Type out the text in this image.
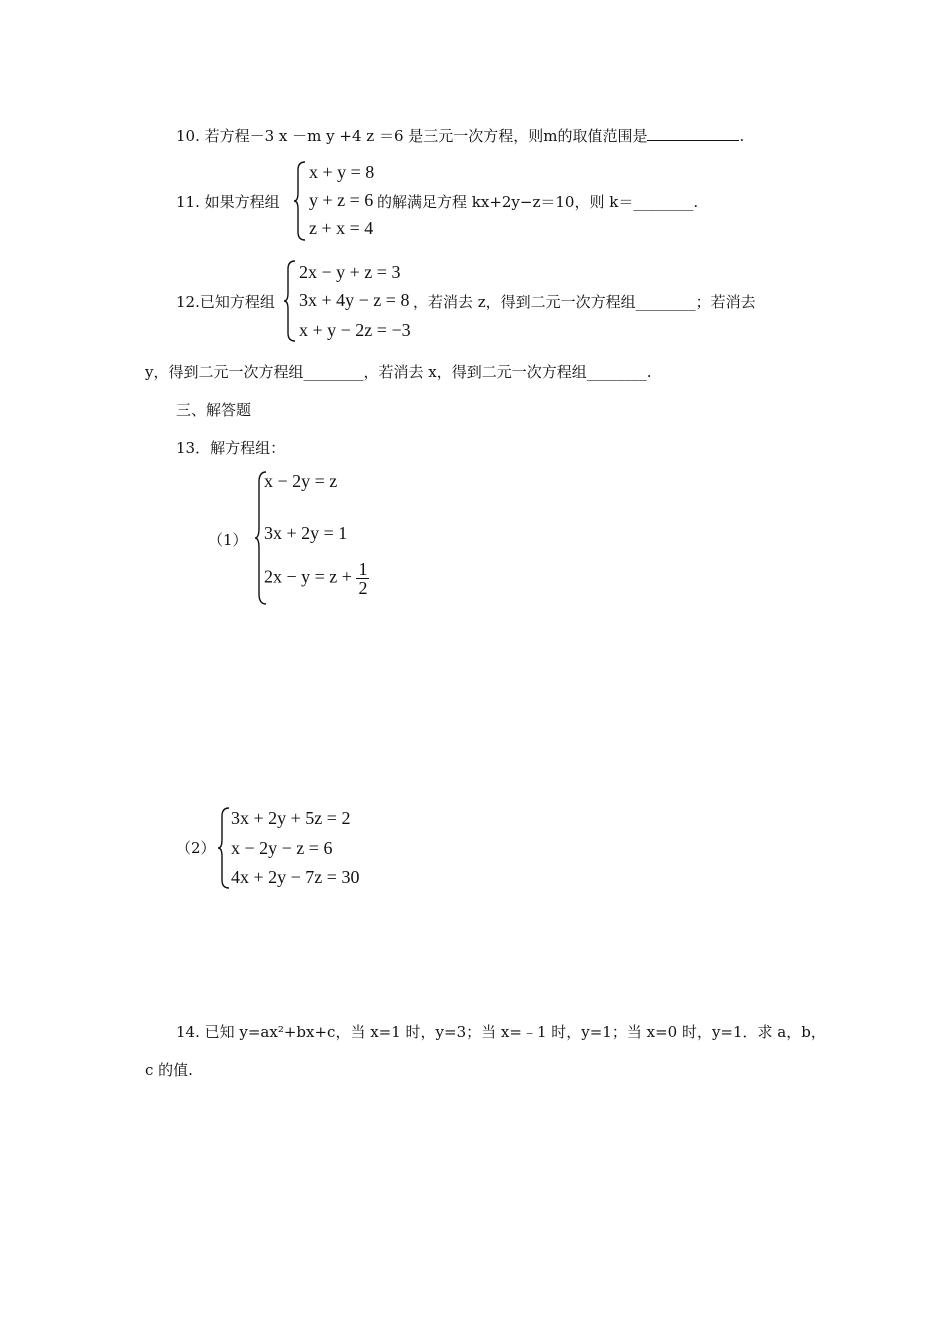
10. 若方程－3 x －m y +4 z ＝6 是三元一次方程，则m的取值范围是	.
11. 如果方程组
x + y = 8
y + z = 6
z + x = 4
的解满足方程 kx+2y−z＝10，则 k＝________.
12.已知方程组
2x − y + z = 3
3x + 4y − z = 8
x + y − 2z = −3
，若消去 z，得到二元一次方程组________；若消去
y，得到二元一次方程组________，若消去 x，得到二元一次方程组________.
三、解答题
13．解方程组：
（1）
x − 2y = z
3x + 2y = 1
$2x - y = z + \frac{1}{2}$
（2）
3x + 2y + 5z = 2
x − 2y − z = 6
4x + 2y − 7z = 30
14. 已知 y=ax²+bx+c，当 x=1 时，y=3；当 x=﹣1 时，y=1；当 x=0 时，y=1．求 a，b，
c 的值.
